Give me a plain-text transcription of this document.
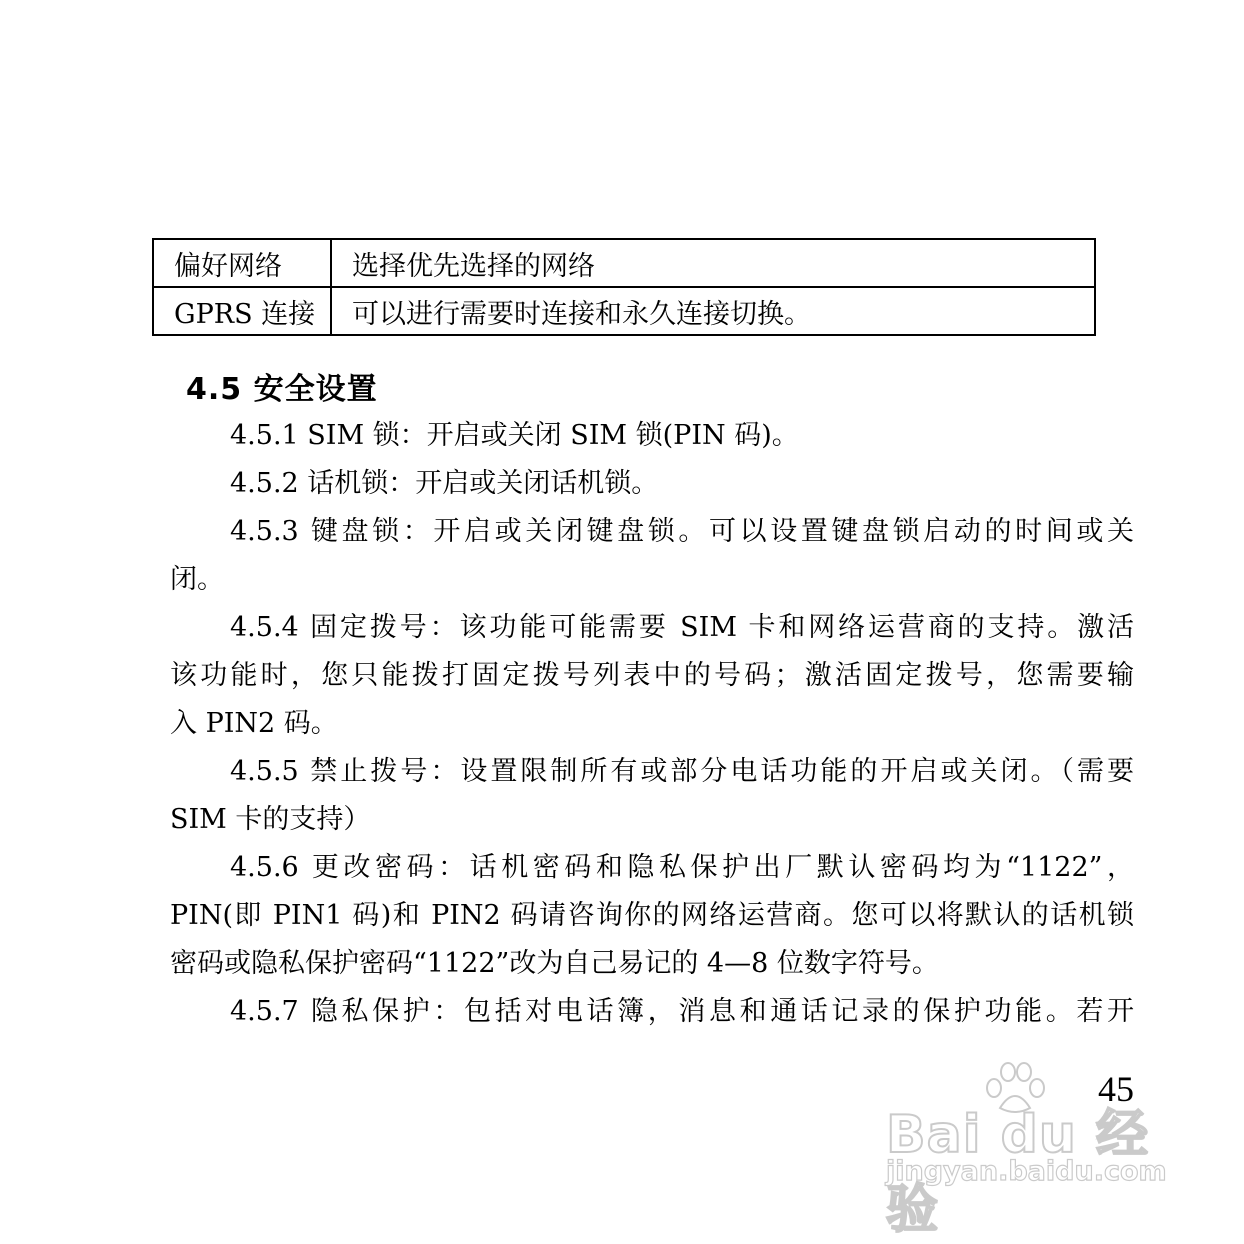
偏好网络	选择优先选择的网络
GPRS 连接	可以进行需要时连接和永久连接切换。
4.5 安全设置
4.5.1 SIM 锁：开启或关闭 SIM 锁(PIN 码)。
4.5.2 话机锁：开启或关闭话机锁。
4.5.3 键盘锁：开启或关闭键盘锁。可以设置键盘锁启动的时间或关
闭。
4.5.4 固定拨号：该功能可能需要 SIM 卡和网络运营商的支持。激活
该功能时，您只能拨打固定拨号列表中的号码；激活固定拨号，您需要输
入 PIN2 码。
4.5.5 禁止拨号：设置限制所有或部分电话功能的开启或关闭。（需要
SIM 卡的支持）
4.5.6 更改密码：话机密码和隐私保护出厂默认密码均为“1122”，
PIN(即 PIN1 码)和 PIN2 码请咨询你的网络运营商。您可以将默认的话机锁
密码或隐私保护密码“1122”改为自己易记的 4—8 位数字符号。
4.5.7 隐私保护：包括对电话簿，消息和通话记录的保护功能。若开
45
Bai du 经验
jingyan.baidu.com
